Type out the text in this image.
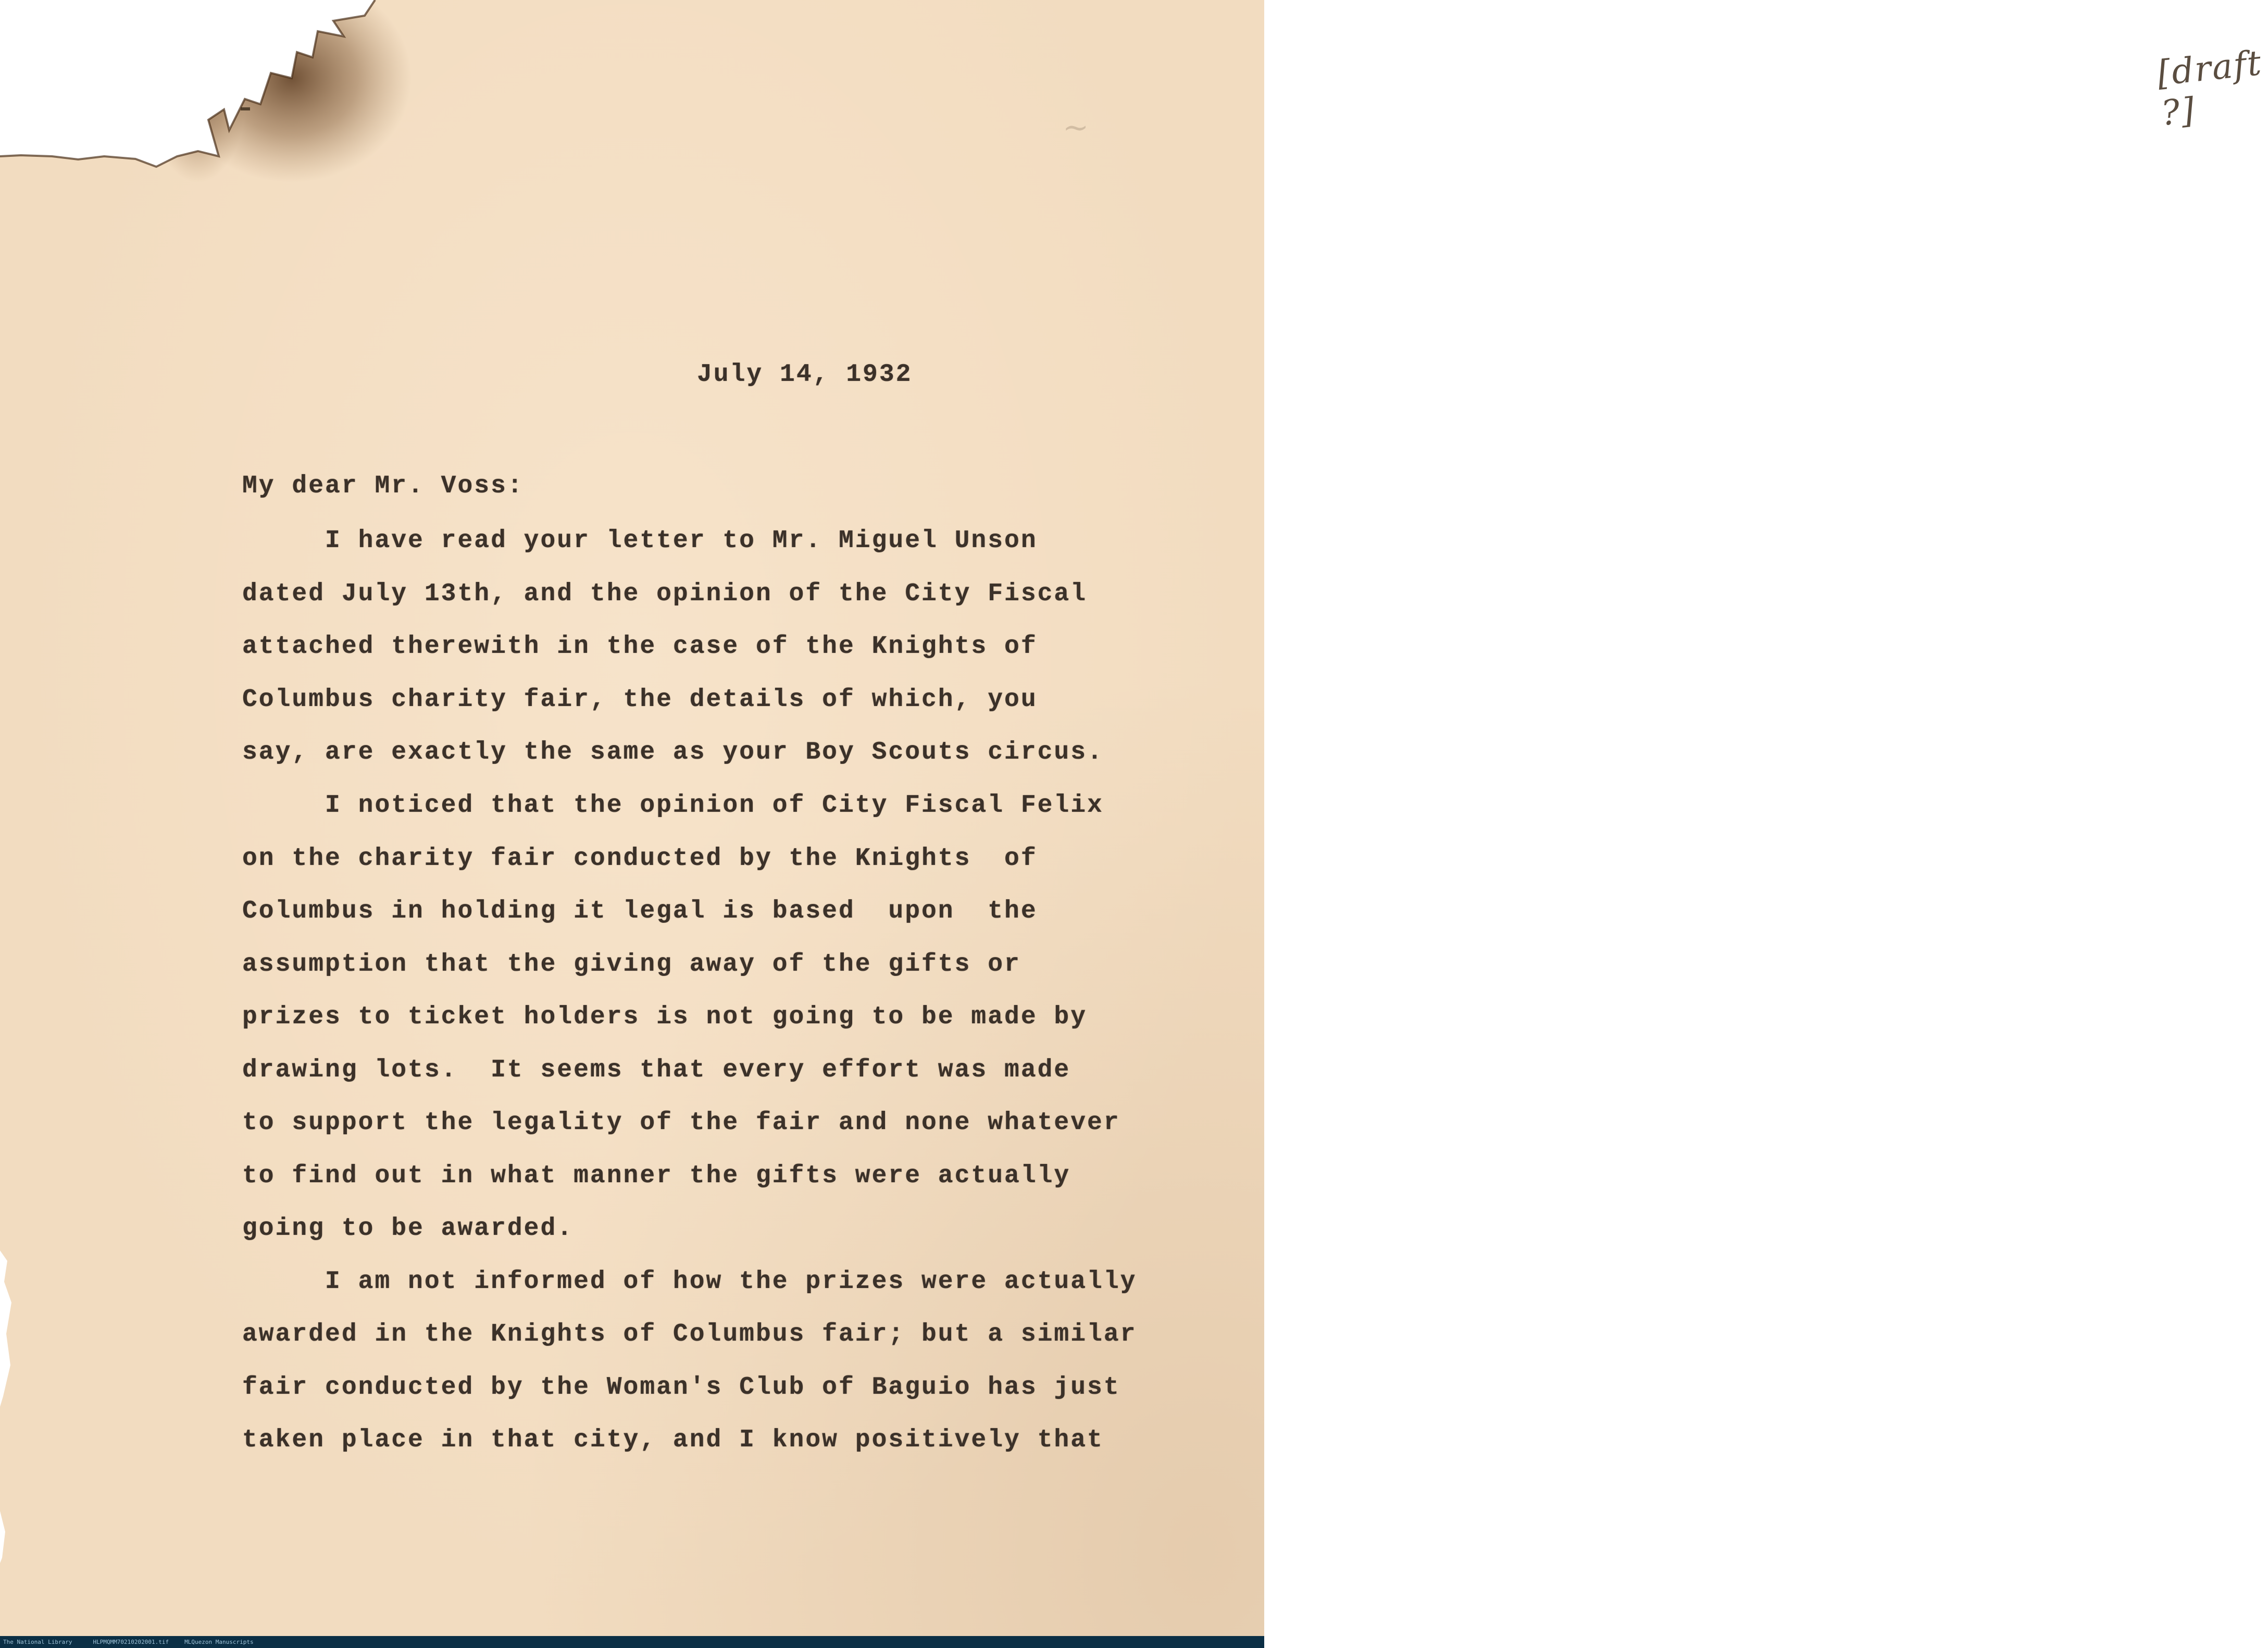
[draft ?]
~
July 14, 1932
My dear Mr. Voss:
I have read your letter to Mr. Miguel Unson
dated July 13th, and the opinion of the City Fiscal
attached therewith in the case of the Knights of
Columbus charity fair, the details of which, you
say, are exactly the same as your Boy Scouts circus.
I noticed that the opinion of City Fiscal Felix
on the charity fair conducted by the Knights  of
Columbus in holding it legal is based  upon  the
assumption that the giving away of the gifts or
prizes to ticket holders is not going to be made by
drawing lots.  It seems that every effort was made
to support the legality of the fair and none whatever
to find out in what manner the gifts were actually
going to be awarded.
I am not informed of how the prizes were actually
awarded in the Knights of Columbus fair; but a similar
fair conducted by the Woman's Club of Baguio has just
taken place in that city, and I know positively that
The National Library	HLPMQMM70210202001.tif	MLQuezon Manuscripts
